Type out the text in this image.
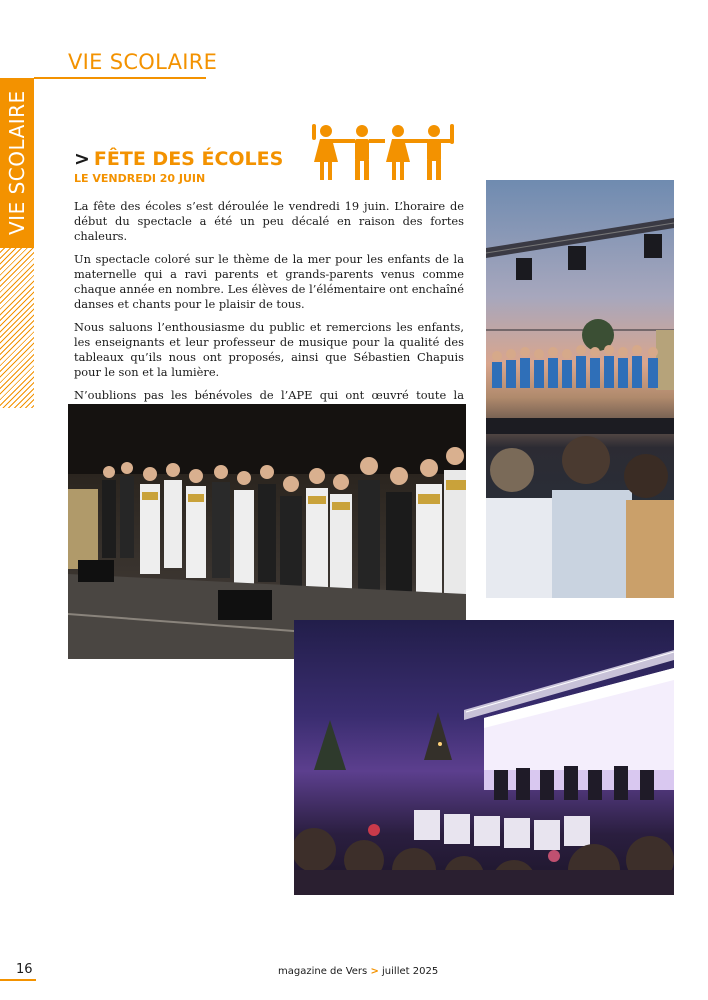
VIE SCOLAIRE
VIE SCOLAIRE
> FÊTE DES ÉCOLES
LE VENDREDI 20 JUIN

La fête des écoles s’est déroulée le vendredi 19 juin. L’horaire de début du spectacle a été un peu décalé en raison des fortes chaleurs.

Un spectacle coloré sur le thème de la mer pour les enfants de la maternelle qui a ravi parents et grands-parents venus comme chaque année en nombre. Les élèves de l’élémentaire ont enchaîné danses et chants pour le plaisir de tous.

Nous saluons l’enthousiasme du public et remercions les enfants, les enseignants et leur professeur de musique pour la qualité des tableaux qu’ils nous ont proposés, ainsi que Sébastien Chapuis pour le son et la lumière.

N’oublions pas les bénévoles de l’APE qui ont œuvré toute la

16	magazine de Vers > juillet 2025
